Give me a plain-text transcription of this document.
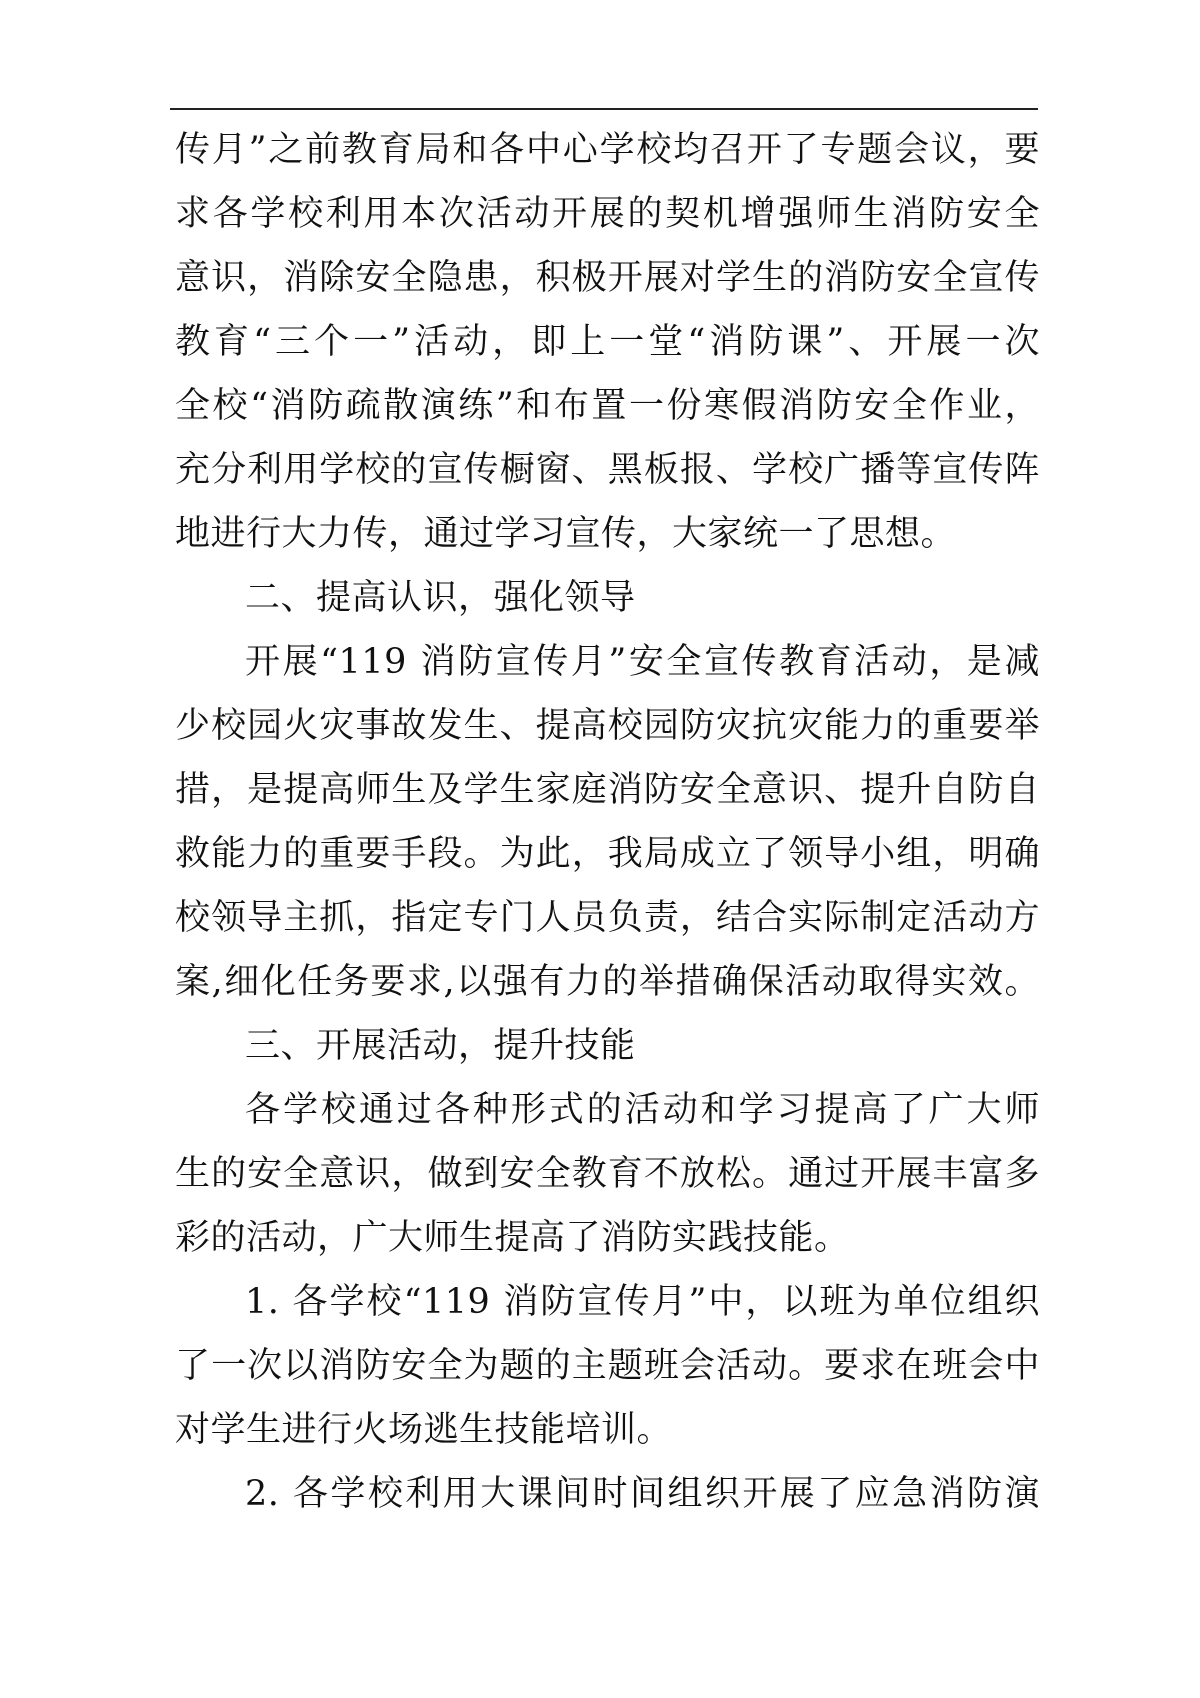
传月”之前教育局和各中心学校均召开了专题会议，要
求各学校利用本次活动开展的契机增强师生消防安全
意识，消除安全隐患，积极开展对学生的消防安全宣传
教育“三个一”活动，即上一堂“消防课”、开展一次
全校“消防疏散演练”和布置一份寒假消防安全作业，
充分利用学校的宣传橱窗、黑板报、学校广播等宣传阵
地进行大力传，通过学习宣传，大家统一了思想。
二、提高认识，强化领导
开展“119 消防宣传月”安全宣传教育活动，是减
少校园火灾事故发生、提高校园防灾抗灾能力的重要举
措，是提高师生及学生家庭消防安全意识、提升自防自
救能力的重要手段。为此，我局成立了领导小组，明确
校领导主抓，指定专门人员负责，结合实际制定活动方
案,细化任务要求,以强有力的举措确保活动取得实效。
三、开展活动，提升技能
各学校通过各种形式的活动和学习提高了广大师
生的安全意识，做到安全教育不放松。通过开展丰富多
彩的活动，广大师生提高了消防实践技能。
1. 各学校“119 消防宣传月”中，以班为单位组织
了一次以消防安全为题的主题班会活动。要求在班会中
对学生进行火场逃生技能培训。
2. 各学校利用大课间时间组织开展了应急消防演
